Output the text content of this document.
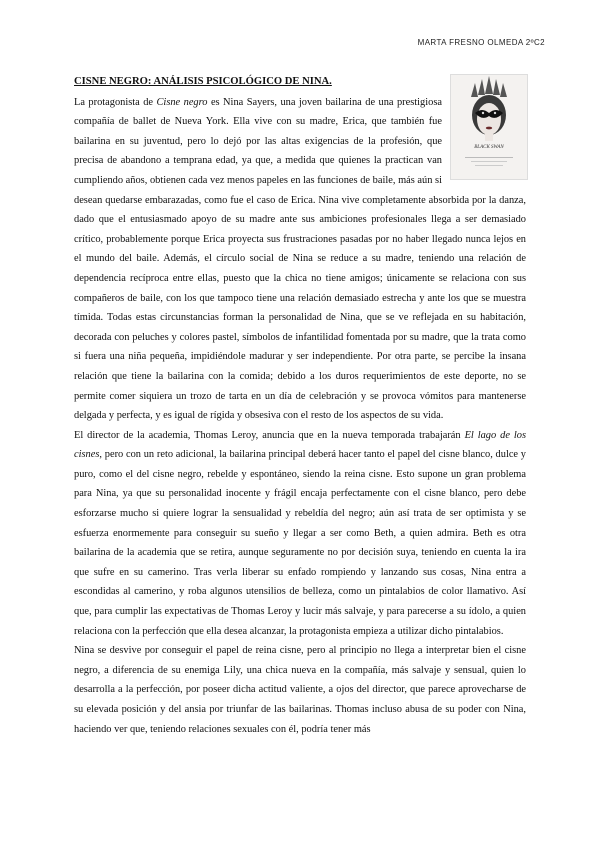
MARTA FRESNO OLMEDA 2ºC2
BLACK SWAN

CISNE NEGRO: ANÁLISIS PSICOLÓGICO DE NINA.

La protagonista de Cisne negro es Nina Sayers, una joven bailarina de una prestigiosa compañía de ballet de Nueva York. Ella vive con su madre, Erica, que también fue bailarina en su juventud, pero lo dejó por las altas exigencias de la profesión, que precisa de abandono a temprana edad, ya que, a medida que quienes la practican van cumpliendo años, obtienen cada vez menos papeles en las funciones de baile, más aún si desean quedarse embarazadas, como fue el caso de Erica. Nina vive completamente absorbida por la danza, dado que el entusiasmado apoyo de su madre ante sus ambiciones profesionales llega a ser demasiado crítico, probablemente porque Erica proyecta sus frustraciones pasadas por no haber llegado nunca lejos en el mundo del baile. Además, el círculo social de Nina se reduce a su madre, teniendo una relación de dependencia recíproca entre ellas, puesto que la chica no tiene amigos; únicamente se relaciona con sus compañeros de baile, con los que tampoco tiene una relación demasiado estrecha y ante los que se muestra tímida. Todas estas circunstancias forman la personalidad de Nina, que se ve reflejada en su habitación, decorada con peluches y colores pastel, símbolos de infantilidad fomentada por su madre, que la trata como si fuera una niña pequeña, impidiéndole madurar y ser independiente. Por otra parte, se percibe la insana relación que tiene la bailarina con la comida; debido a los duros requerimientos de este deporte, no se permite comer siquiera un trozo de tarta en un día de celebración y se provoca vómitos para mantenerse delgada y perfecta, y es igual de rígida y obsesiva con el resto de los aspectos de su vida.

El director de la academia, Thomas Leroy, anuncia que en la nueva temporada trabajarán El lago de los cisnes, pero con un reto adicional, la bailarina principal deberá hacer tanto el papel del cisne blanco, dulce y puro, como el del cisne negro, rebelde y espontáneo, siendo la reina cisne. Esto supone un gran problema para Nina, ya que su personalidad inocente y frágil encaja perfectamente con el cisne blanco, pero debe esforzarse mucho si quiere lograr la sensualidad y rebeldía del negro; aún así trata de ser optimista y se esfuerza enormemente para conseguir su sueño y llegar a ser como Beth, a quien admira. Beth es otra bailarina de la academia que se retira, aunque seguramente no por decisión suya, teniendo en cuenta la ira que sufre en su camerino. Tras verla liberar su enfado rompiendo y lanzando sus cosas, Nina entra a escondidas al camerino, y roba algunos utensilios de belleza, como un pintalabios de color llamativo. Así que, para cumplir las expectativas de Thomas Leroy y lucir más salvaje, y para parecerse a su ídolo, a quien relaciona con la perfección que ella desea alcanzar, la protagonista empieza a utilizar dicho pintalabios.

Nina se desvive por conseguir el papel de reina cisne, pero al principio no llega a interpretar bien el cisne negro, a diferencia de su enemiga Lily, una chica nueva en la compañía, más salvaje y sensual, quien lo desarrolla a la perfección, por poseer dicha actitud valiente, a ojos del director, que parece aprovecharse de su elevada posición y del ansia por triunfar de las bailarinas. Thomas incluso abusa de su poder con Nina, haciendo ver que, teniendo relaciones sexuales con él, podría tener más
